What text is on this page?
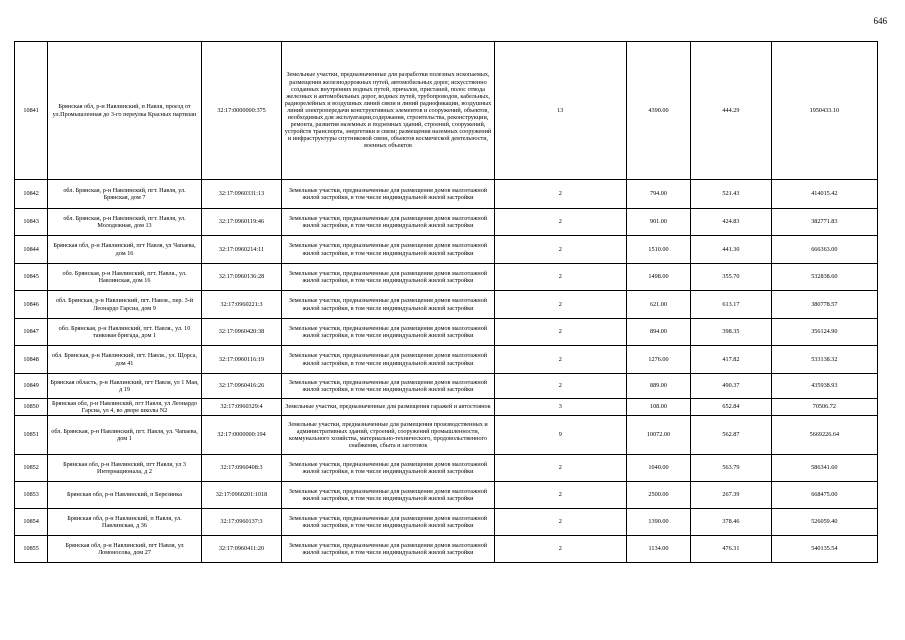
646
10841	Брянская обл, р-н Навлинский, п Навля, проезд от ул.Промышленная до 3-го переулка Красных партизан	32:17:0000000:375	Земельные участки, предназначенные для разработки полезных ископаемых, размещения железнодорожных путей, автомобильных дорог, искусственно созданных внутренних водных путей, причалов, пристаней, полос отвода железных и автомобильных дорог, водных путей, трубопроводов, кабельных, радиорелейных и воздушных линий связи и линий радиофикации, воздушных линий электропередачи конструктивных элементов и сооружений, объектов, необходимых для эксплуатации,содержания, строительства, реконструкции, ремонта, развития наземных и подземных зданий, строений, сооружений, устройств транспорта, энергетики и связи; размещения наземных сооружений и инфраструктуры спутниковой связи, объектов космической деятельности, военных объектов	13	4390.00	444.29	1950433.10
10842	обл. Брянская, р-н Навлинский, пгт. Навля, ул. Брянская, дом 7	32:17:0960331:13	Земельные участки, предназначенные для размещения домов малоэтажной жилой застройки, в том числе индивидуальной жилой застройки	2	794.00	521.43	414015.42
10843	обл. Брянская, р-н Навлинский, пгт. Навля, ул. Молодежная, дом 13	32:17:0960119:46	Земельные участки, предназначенные для размещения домов малоэтажной жилой застройки, в том числе индивидуальной жилой застройки	2	901.00	424.83	382771.83
10844	Брянская обл, р-н Навлинский, пгт Навля, ул Чапаева, дом 16	32:17:0960214:11	Земельные участки, предназначенные для размещения домов малоэтажной жилой застройки, в том числе индивидуальной жилой застройки	2	1510.00	441.30	666363.00
10845	обл. Брянская, р-н Навлинский, пгт. Навля., ул. Навлинская, дом 16	32:17:0960136:28	Земельные участки, предназначенные для размещения домов малоэтажной жилой застройки, в том числе индивидуальной жилой застройки	2	1498.00	355.70	532838.60
10846	обл. Брянская, р-н Навлинский, пгт. Навля., пер. 3-й Леонардо Гарсиа, дом 9	32:17:0960221:3	Земельные участки, предназначенные для размещения домов малоэтажной жилой застройки, в том числе индивидуальной жилой застройки	2	621.00	613.17	380778.57
10847	обл. Брянская, р-н Навлинский, пгт. Навля., ул. 10 танковая бригада, дом 1	32:17:0960420:38	Земельные участки, предназначенные для размещения домов малоэтажной жилой застройки, в том числе индивидуальной жилой застройки	2	894.00	398.35	356124.90
10848	обл. Брянская, р-н Навлинский, пгт. Навля., ул. Щорса, дом 41	32:17:0960116:19	Земельные участки, предназначенные для размещения домов малоэтажной жилой застройки, в том числе индивидуальной жилой застройки	2	1276.00	417.82	533138.32
10849	Брянская область, р-н Навлинский, пгт Навля, ул 1 Мая, д 19	32:17:0960416:26	Земельные участки, предназначенные для размещения домов малоэтажной жилой застройки, в том числе индивидуальной жилой застройки	2	889.00	490.37	435938.93
10850	Брянская обл, р-н Навлинский, пгт Навля, ул Леонардо Гарсиа, ул 4, во дворе школы N2	32:17:0960329:4	Земельные участки, предназначенные для размещения гаражей и автостоянок	3	108.00	652.84	70506.72
10851	обл. Брянская, р-н Навлинский, пгт. Навля, ул. Чапаева, дом 1	32:17:0000000:194	Земельные участки, предназначенные для размещения производственных и административных зданий, строений, сооружений промышленности, коммунального хозяйства, материально-технического, продовольственного снабжения, сбыта и заготовок	9	10072.00	562.87	5669226.64
10852	Брянская обл, р-н Навлинский, пгт Навля, ул 3 Интернационала, д 2	32:17:0960408:3	Земельные участки, предназначенные для размещения домов малоэтажной жилой застройки, в том числе индивидуальной жилой застройки	2	1040.00	563.79	586341.60
10853	Брянская обл, р-н Навлинский, п Березинка	32:17:0960201:1018	Земельные участки, предназначенные для размещения домов малоэтажной жилой застройки, в том числе индивидуальной жилой застройки	2	2500.00	267.39	668475.00
10854	Брянская обл, р-н Навлинский, п Навля, ул. Павлинская, д 36	32:17:0960137:3	Земельные участки, предназначенные для размещения домов малоэтажной жилой застройки, в том числе индивидуальной жилой застройки	2	1390.00	378.46	526059.40
10855	Брянская обл, р-н Навлинский, пгт Навля, ул Ломоносова, дом 27	32:17:0960411:20	Земельные участки, предназначенные для размещения домов малоэтажной жилой застройки, в том числе индивидуальной жилой застройки	2	1134.00	476.31	540135.54
